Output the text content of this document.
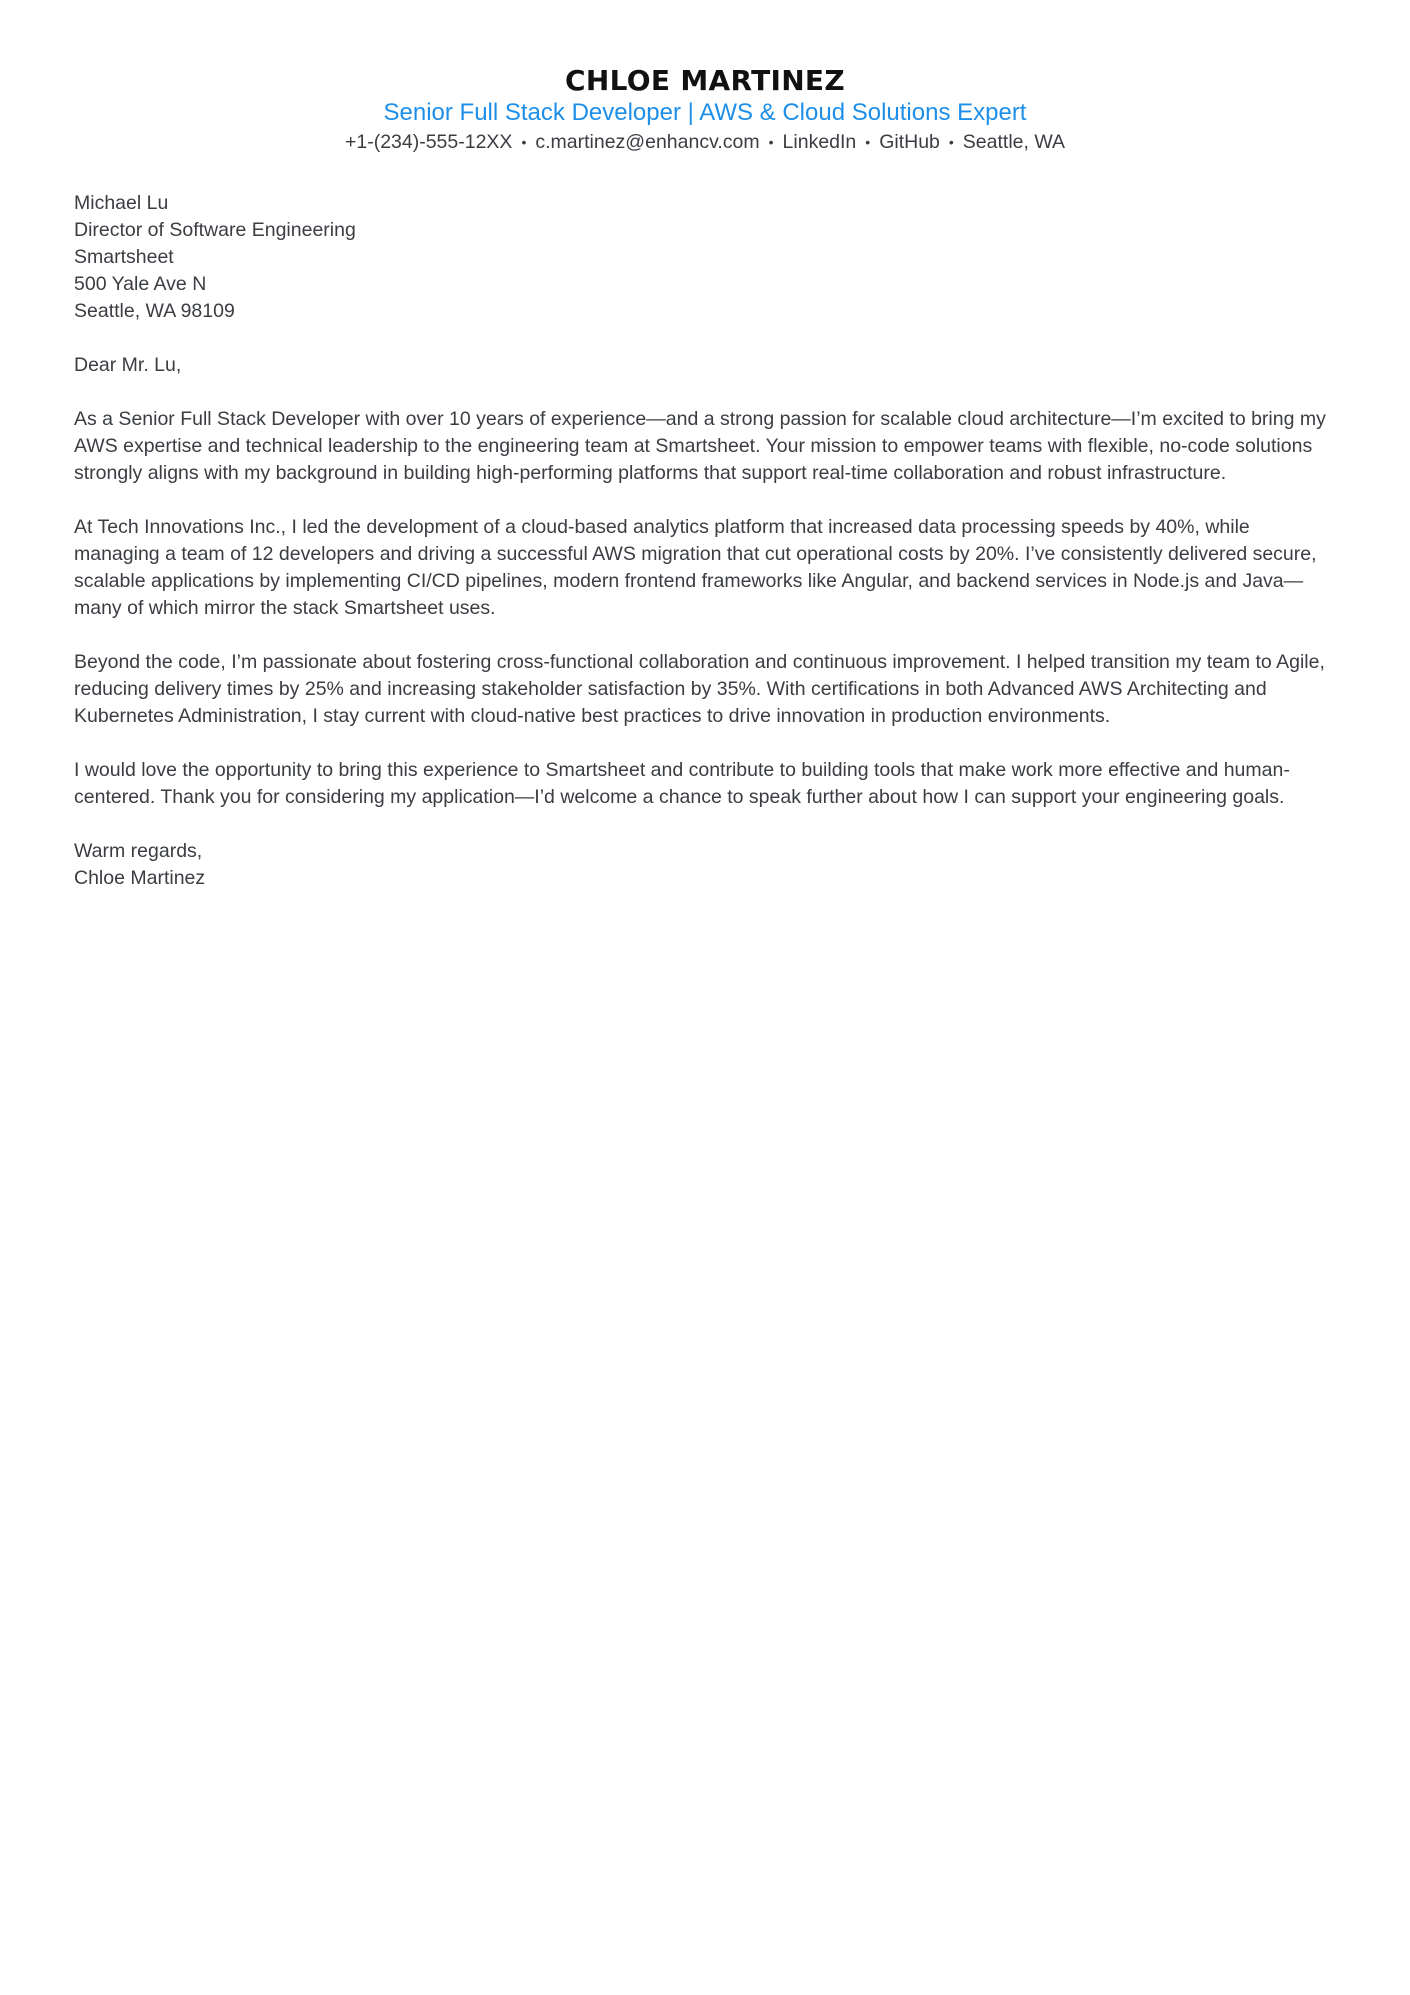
CHLOE MARTINEZ

Senior Full Stack Developer | AWS & Cloud Solutions Expert

+1-(234)-555-12XX • c.martinez@enhancv.com • LinkedIn • GitHub • Seattle, WA

Michael Lu
Director of Software Engineering
Smartsheet
500 Yale Ave N
Seattle, WA 98109

Dear Mr. Lu,

As a Senior Full Stack Developer with over 10 years of experience—and a strong passion for scalable cloud architecture—I’m excited to bring my AWS expertise and technical leadership to the engineering team at Smartsheet. Your mission to empower teams with flexible, no-code solutions strongly aligns with my background in building high-performing platforms that support real-time collaboration and robust infrastructure.

At Tech Innovations Inc., I led the development of a cloud-based analytics platform that increased data processing speeds by 40%, while managing a team of 12 developers and driving a successful AWS migration that cut operational costs by 20%. I’ve consistently delivered secure, scalable applications by implementing CI/CD pipelines, modern frontend frameworks like Angular, and backend services in Node.js and Java—many of which mirror the stack Smartsheet uses.

Beyond the code, I’m passionate about fostering cross-functional collaboration and continuous improvement. I helped transition my team to Agile, reducing delivery times by 25% and increasing stakeholder satisfaction by 35%. With certifications in both Advanced AWS Architecting and Kubernetes Administration, I stay current with cloud-native best practices to drive innovation in production environments.

I would love the opportunity to bring this experience to Smartsheet and contribute to building tools that make work more effective and human-centered. Thank you for considering my application—I’d welcome a chance to speak further about how I can support your engineering goals.

Warm regards,
Chloe Martinez
